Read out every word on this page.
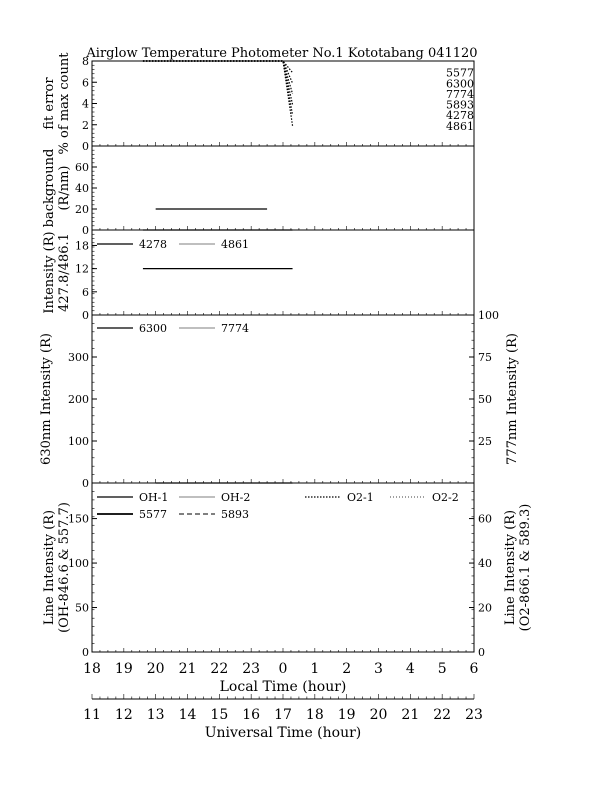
Airglow Temperature Photometer No.1 Kototabang 041120
0
2
4
6
8
fit error % of max count	5577
6300
7774
5893
4278
4861
0
20
40
60
background (R/nm)
0
6
12
18
Intensity (R) 427.8/486.1	4278	4861
0
100
200
300
25
50
75
100
630nm Intensity (R)	777nm Intensity (R)
6300	7774
0
50
100
150
0
20
40
60
Line Intensity (R) (OH-846.6 & 557.7)	Line Intensity (R) (O2-866.1 & 589.3)
OH-1	OH-2	O2-1	O2-2
5577	5893
18 19 20 21 22 23 0 1 2 3 4 5 6
Local Time (hour)
11 12 13 14 15 16 17 18 19 20 21 22 23
Universal Time (hour)
